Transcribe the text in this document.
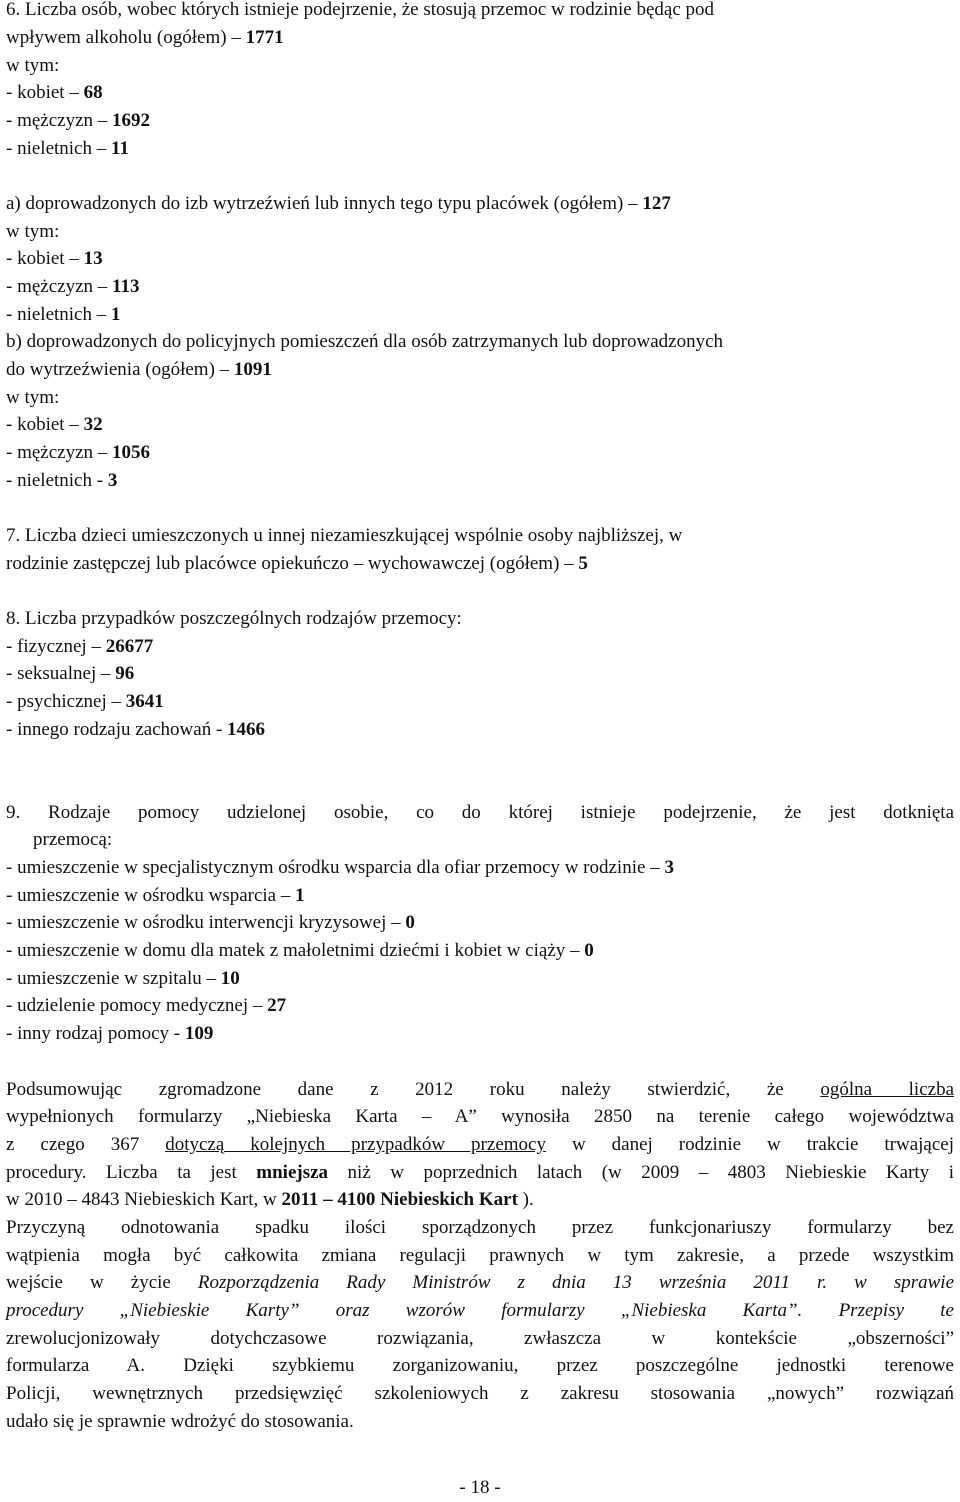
6. Liczba osób, wobec których istnieje podejrzenie, że stosują przemoc w rodzinie będąc pod
wpływem alkoholu (ogółem) – 1771
w tym:
- kobiet – 68
- mężczyzn – 1692
- nieletnich – 11
a) doprowadzonych do izb wytrzeźwień lub innych tego typu placówek (ogółem) – 127
w tym:
- kobiet – 13
- mężczyzn – 113
- nieletnich – 1
b) doprowadzonych do policyjnych pomieszczeń dla osób zatrzymanych lub doprowadzonych
do wytrzeźwienia (ogółem) – 1091
w tym:
- kobiet – 32
- mężczyzn – 1056
- nieletnich - 3
7. Liczba dzieci umieszczonych u innej niezamieszkującej wspólnie osoby najbliższej, w
rodzinie zastępczej lub placówce opiekuńczo – wychowawczej (ogółem) – 5
8. Liczba przypadków poszczególnych rodzajów przemocy:
- fizycznej – 26677
- seksualnej – 96
- psychicznej – 3641
- innego rodzaju zachowań - 1466
9. Rodzaje pomocy udzielonej osobie, co do której istnieje podejrzenie, że jest dotknięta
przemocą:
- umieszczenie w specjalistycznym ośrodku wsparcia dla ofiar przemocy w rodzinie – 3
- umieszczenie w ośrodku wsparcia – 1
- umieszczenie w ośrodku interwencji kryzysowej – 0
- umieszczenie w domu dla matek z małoletnimi dziećmi i kobiet w ciąży – 0
- umieszczenie w szpitalu – 10
- udzielenie pomocy medycznej – 27
- inny rodzaj pomocy - 109
Podsumowując zgromadzone dane z 2012 roku należy stwierdzić, że ogólna liczba
wypełnionych formularzy „Niebieska Karta – A” wynosiła 2850 na terenie całego województwa
z czego 367 dotyczą kolejnych przypadków przemocy w danej rodzinie w trakcie trwającej
procedury. Liczba ta jest mniejsza niż w poprzednich latach (w 2009 – 4803 Niebieskie Karty i
w 2010 – 4843 Niebieskich Kart, w 2011 – 4100 Niebieskich Kart ).
Przyczyną odnotowania spadku ilości sporządzonych przez funkcjonariuszy formularzy bez
wątpienia mogła być całkowita zmiana regulacji prawnych w tym zakresie, a przede wszystkim
wejście w życie Rozporządzenia Rady Ministrów z dnia 13 września 2011 r. w sprawie
procedury „Niebieskie Karty” oraz wzorów formularzy „Niebieska Karta”. Przepisy te
zrewolucjonizowały dotychczasowe rozwiązania, zwłaszcza w kontekście „obszerności”
formularza A. Dzięki szybkiemu zorganizowaniu, przez poszczególne jednostki terenowe
Policji, wewnętrznych przedsięwzięć szkoleniowych z zakresu stosowania „nowych” rozwiązań
udało się je sprawnie wdrożyć do stosowania.
- 18 -
